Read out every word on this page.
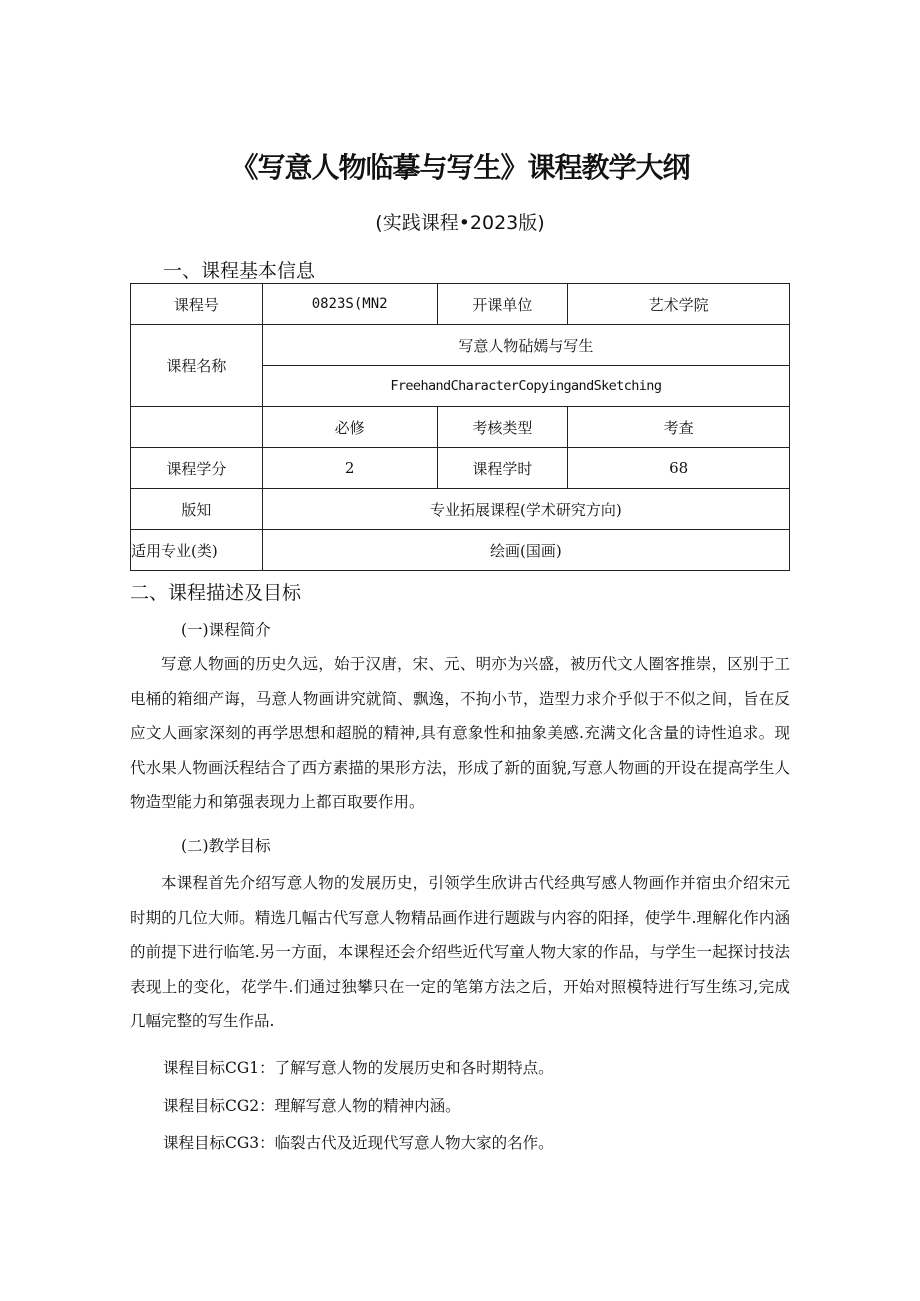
《写意人物临摹与写生》课程教学大纲
(实践课程•2023版)
一、课程基本信息
课程号	0823S(MN2	开课单位	艺术学院
课程名称	写意人物砧嫣与写生		
	FreehandCharacterCopyingandSketching		
	必修	考核类型	考查
课程学分	2	课程学时	68
版知	专业拓展课程(学术研究方向)		
适用专业(类)	绘画(国画)		
二、课程描述及目标
(一)课程简介

写意人物画的历史久远，始于汉唐，宋、元、明亦为兴盛，被历代文人圈客推崇，区别于工电桶的箱细产诲，马意人物画讲究就简、飘逸，不拘小节，造型力求介乎似于不似之间，旨在反应文人画家深刻的再学思想和超脱的精神,具有意象性和抽象美感.充满文化含量的诗性追求。现代水果人物画沃程结合了西方素描的果形方法，形成了新的面貌,写意人物画的开设在提高学生人物造型能力和第强表现力上都百取要作用。

(二)教学目标

本课程首先介绍写意人物的发展历史，引领学生欣讲古代经典写感人物画作并宿虫介绍宋元时期的几位大师。精选几幅古代写意人物精品画作进行题跋与内容的阳择，使学牛.理解化作内涵的前提下进行临笔.另一方面，本课程还会介绍些近代写童人物大家的作品，与学生一起探讨技法表现上的变化，花学牛.们通过独攀只在一定的笔第方法之后，开始对照模特进行写生练习,完成几幅完整的写生作品.

课程目标CG1：了解写意人物的发展历史和各时期特点。
课程目标CG2：理解写意人物的精神内涵。
课程目标CG3：临裂古代及近现代写意人物大家的名作。
